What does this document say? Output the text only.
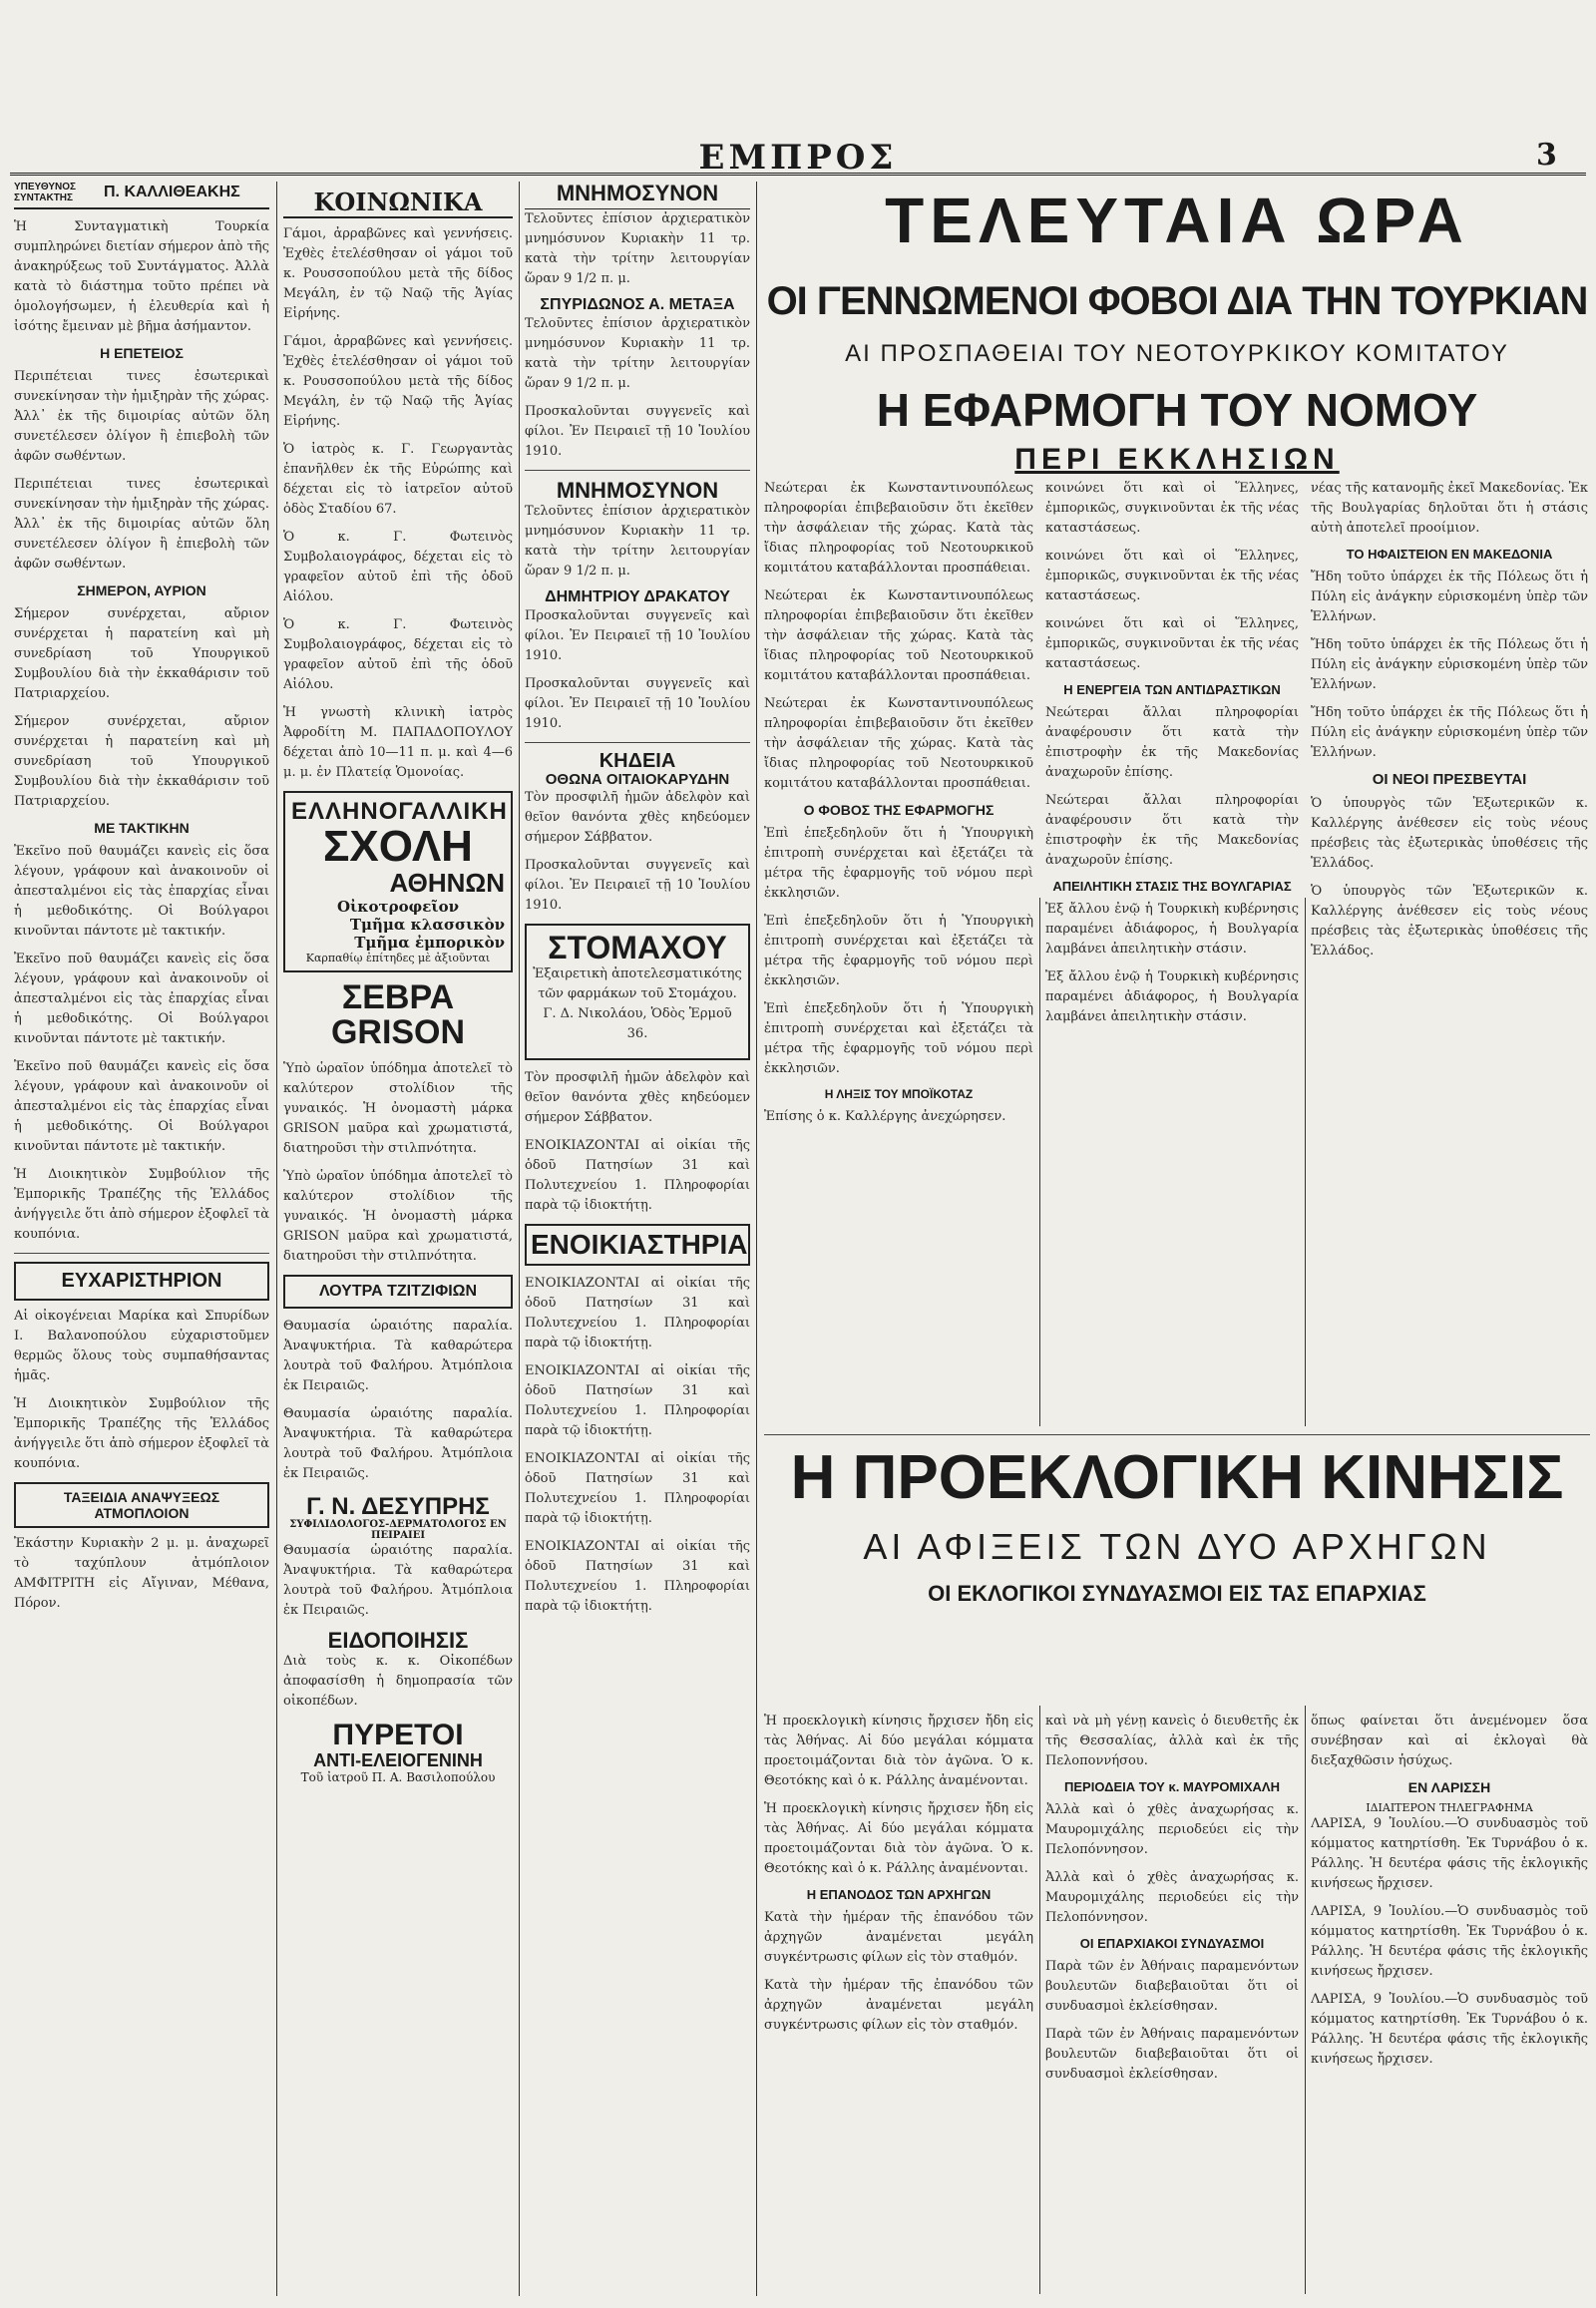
ΕΜΠΡΟΣ	3
ΥΠΕΥΘΥΝΟΣ ΣΥΝΤΑΚΤΗΣ	Π. ΚΑΛΛΙΘΕΑΚΗΣ

Ἡ Συνταγματικὴ Τουρκία συμπληρώνει διετίαν σήμερον ἀπὸ τῆς ἀνακηρύξεως τοῦ Συντάγματος. Ἀλλὰ κατὰ τὸ διάστημα τοῦτο πρέπει νὰ ὁμολογήσωμεν, ἡ ἐλευθερία καὶ ἡ ἰσότης ἔμειναν μὲ βῆμα ἀσήμαντον.

Η ΕΠΕΤΕΙΟΣ

Περιπέτειαι τινες ἐσωτερικαὶ συνεκίνησαν τὴν ἡμιξηρὰν τῆς χώρας. Ἀλλ᾽ ἐκ τῆς διμοιρίας αὐτῶν ὅλη συνετέλεσεν ὀλίγον ἢ ἐπιεβολὴ τῶν ἀφῶν σωθέντων.

Περιπέτειαι τινες ἐσωτερικαὶ συνεκίνησαν τὴν ἡμιξηρὰν τῆς χώρας. Ἀλλ᾽ ἐκ τῆς διμοιρίας αὐτῶν ὅλη συνετέλεσεν ὀλίγον ἢ ἐπιεβολὴ τῶν ἀφῶν σωθέντων.

ΣΗΜΕΡΟΝ, ΑΥΡΙΟΝ

Σήμερον συνέρχεται, αὔριον συνέρχεται ἡ παρατείνη καὶ μὴ συνεδρίαση τοῦ Υπουργικοῦ Συμβουλίου διὰ τὴν ἐκκαθάρισιν τοῦ Πατριαρχείου.

Σήμερον συνέρχεται, αὔριον συνέρχεται ἡ παρατείνη καὶ μὴ συνεδρίαση τοῦ Υπουργικοῦ Συμβουλίου διὰ τὴν ἐκκαθάρισιν τοῦ Πατριαρχείου.

ΜΕ ΤΑΚΤΙΚΗΝ

Ἐκεῖνο ποῦ θαυμάζει κανεὶς εἰς ὅσα λέγουν, γράφουν καὶ ἀνακοινοῦν οἱ ἀπεσταλμένοι εἰς τὰς ἐπαρχίας εἶναι ἡ μεθοδικότης. Οἱ Βούλγαροι κινοῦνται πάντοτε μὲ τακτικήν.

Ἐκεῖνο ποῦ θαυμάζει κανεὶς εἰς ὅσα λέγουν, γράφουν καὶ ἀνακοινοῦν οἱ ἀπεσταλμένοι εἰς τὰς ἐπαρχίας εἶναι ἡ μεθοδικότης. Οἱ Βούλγαροι κινοῦνται πάντοτε μὲ τακτικήν.

Ἐκεῖνο ποῦ θαυμάζει κανεὶς εἰς ὅσα λέγουν, γράφουν καὶ ἀνακοινοῦν οἱ ἀπεσταλμένοι εἰς τὰς ἐπαρχίας εἶναι ἡ μεθοδικότης. Οἱ Βούλγαροι κινοῦνται πάντοτε μὲ τακτικήν.

Ἡ Διοικητικὸν Συμβούλιον τῆς Ἐμπορικῆς Τραπέζης τῆς Ἑλλάδος ἀνήγγειλε ὅτι ἀπὸ σήμερον ἐξοφλεῖ τὰ κουπόνια.

ΕΥΧΑΡΙΣΤΗΡΙΟΝ

Αἱ οἰκογένειαι Μαρίκα καὶ Σπυρίδων Ι. Βαλανοπούλου εὐχαριστοῦμεν θερμῶς ὅλους τοὺς συμπαθήσαντας ἡμᾶς.

Ἡ Διοικητικὸν Συμβούλιον τῆς Ἐμπορικῆς Τραπέζης τῆς Ἑλλάδος ἀνήγγειλε ὅτι ἀπὸ σήμερον ἐξοφλεῖ τὰ κουπόνια.

ΤΑΞΕΙΔΙΑ ΑΝΑΨΥΞΕΩΣ ΑΤΜΟΠΛΟΙΟΝ

Ἐκάστην Κυριακὴν 2 μ. μ. ἀναχωρεῖ τὸ ταχύπλουν ἀτμόπλοιον ΑΜΦΙΤΡΙΤΗ εἰς Αἴγιναν, Μέθανα, Πόρον.

ΚΟΙΝΩΝΙΚΑ

Γάμοι, ἀρραβῶνες καὶ γεννήσεις. Ἐχθὲς ἐτελέσθησαν οἱ γάμοι τοῦ κ. Ρουσσοπούλου μετὰ τῆς δίδος Μεγάλη, ἐν τῷ Ναῷ τῆς Ἁγίας Εἰρήνης.

Γάμοι, ἀρραβῶνες καὶ γεννήσεις. Ἐχθὲς ἐτελέσθησαν οἱ γάμοι τοῦ κ. Ρουσσοπούλου μετὰ τῆς δίδος Μεγάλη, ἐν τῷ Ναῷ τῆς Ἁγίας Εἰρήνης.

Ὁ ἰατρὸς κ. Γ. Γεωργαντὰς ἐπανῆλθεν ἐκ τῆς Εὐρώπης καὶ δέχεται εἰς τὸ ἰατρεῖον αὐτοῦ ὁδὸς Σταδίου 67.

Ὁ κ. Γ. Φωτεινὸς Συμβολαιογράφος, δέχεται εἰς τὸ γραφεῖον αὐτοῦ ἐπὶ τῆς ὁδοῦ Αἰόλου.

Ὁ κ. Γ. Φωτεινὸς Συμβολαιογράφος, δέχεται εἰς τὸ γραφεῖον αὐτοῦ ἐπὶ τῆς ὁδοῦ Αἰόλου.

Ἡ γνωστὴ κλινικὴ ἰατρὸς Ἀφροδίτη Μ. ΠΑΠΑΔΟΠΟΥΛΟΥ δέχεται ἀπὸ 10—11 π. μ. καὶ 4—6 μ. μ. ἐν Πλατείᾳ Ὁμονοίας.

ΕΛΛΗΝΟΓΑΛΛΙΚΗ
ΣΧΟΛΗ
ΑΘΗΝΩΝ
Οἰκοτροφεῖον
Τμῆμα κλασσικὸν
Τμῆμα ἐμπορικὸν
Καρπαθίῳ ἐπίτηδες μὲ ἀξιοῦνται
ΣΕΒΡΑ GRISON

Ὑπὸ ὡραῖον ὑπόδημα ἀποτελεῖ τὸ καλύτερον στολίδιον τῆς γυναικός. Ἡ ὀνομαστὴ μάρκα GRISON μαῦρα καὶ χρωματιστά, διατηροῦσι τὴν στιλπνότητα.

Ὑπὸ ὡραῖον ὑπόδημα ἀποτελεῖ τὸ καλύτερον στολίδιον τῆς γυναικός. Ἡ ὀνομαστὴ μάρκα GRISON μαῦρα καὶ χρωματιστά, διατηροῦσι τὴν στιλπνότητα.

ΛΟΥΤΡΑ ΤΖΙΤΖΙΦΙΩΝ

Θαυμασία ὡραιότης παραλία. Ἀναψυκτήρια. Τὰ καθαρώτερα λουτρὰ τοῦ Φαλήρου. Ἀτμόπλοια ἐκ Πειραιῶς.

Θαυμασία ὡραιότης παραλία. Ἀναψυκτήρια. Τὰ καθαρώτερα λουτρὰ τοῦ Φαλήρου. Ἀτμόπλοια ἐκ Πειραιῶς.

Γ. Ν. ΔΕΣΥΠΡΗΣ
ΣΥΦΙΛΙΔΟΛΟΓΟΣ-ΔΕΡΜΑΤΟΛΟΓΟΣ ΕΝ ΠΕΙΡΑΙΕΙ

Θαυμασία ὡραιότης παραλία. Ἀναψυκτήρια. Τὰ καθαρώτερα λουτρὰ τοῦ Φαλήρου. Ἀτμόπλοια ἐκ Πειραιῶς.

ΕΙΔΟΠΟΙΗΣΙΣ

Διὰ τοὺς κ. κ. Οἰκοπέδων ἀποφασίσθη ἡ δημοπρασία τῶν οἰκοπέδων.

ΠΥΡΕΤΟΙ
ΑΝΤΙ-ΕΛΕΙΟΓΕΝΙΝΗ
Τοῦ ἰατροῦ Π. Α. Βασιλοπούλου
ΜΝΗΜΟΣΥΝΟΝ

Τελοῦντες ἐπίσιον ἀρχιερατικὸν μνημόσυνον Κυριακὴν 11 τρ. κατὰ τὴν τρίτην λειτουργίαν ὥραν 9 1/2 π. μ.

ΣΠΥΡΙΔΩΝΟΣ Α. ΜΕΤΑΞΑ

Τελοῦντες ἐπίσιον ἀρχιερατικὸν μνημόσυνον Κυριακὴν 11 τρ. κατὰ τὴν τρίτην λειτουργίαν ὥραν 9 1/2 π. μ.

Προσκαλοῦνται συγγενεῖς καὶ φίλοι. Ἐν Πειραιεῖ τῇ 10 Ἰουλίου 1910.

ΜΝΗΜΟΣΥΝΟΝ

Τελοῦντες ἐπίσιον ἀρχιερατικὸν μνημόσυνον Κυριακὴν 11 τρ. κατὰ τὴν τρίτην λειτουργίαν ὥραν 9 1/2 π. μ.

ΔΗΜΗΤΡΙΟΥ ΔΡΑΚΑΤΟΥ

Προσκαλοῦνται συγγενεῖς καὶ φίλοι. Ἐν Πειραιεῖ τῇ 10 Ἰουλίου 1910.

Προσκαλοῦνται συγγενεῖς καὶ φίλοι. Ἐν Πειραιεῖ τῇ 10 Ἰουλίου 1910.

ΚΗΔΕΙΑ
ΟΘΩΝΑ ΟΙΤΑΙΟΚΑΡΥΔΗΝ

Τὸν προσφιλῆ ἡμῶν ἀδελφὸν καὶ θεῖον θανόντα χθὲς κηδεύομεν σήμερον Σάββατον.

Προσκαλοῦνται συγγενεῖς καὶ φίλοι. Ἐν Πειραιεῖ τῇ 10 Ἰουλίου 1910.

ΣΤΟΜΑΧΟΥ

Ἐξαιρετικὴ ἀποτελεσματικότης τῶν φαρμάκων τοῦ Στομάχου. Γ. Δ. Νικολάου, Ὁδὸς Ἑρμοῦ 36.

Τὸν προσφιλῆ ἡμῶν ἀδελφὸν καὶ θεῖον θανόντα χθὲς κηδεύομεν σήμερον Σάββατον.

ΕΝΟΙΚΙΑΖΟΝΤΑΙ αἱ οἰκίαι τῆς ὁδοῦ Πατησίων 31 καὶ Πολυτεχνείου 1. Πληροφορίαι παρὰ τῷ ἰδιοκτήτῃ.

ΕΝΟΙΚΙΑΣΤΗΡΙΑ

ΕΝΟΙΚΙΑΖΟΝΤΑΙ αἱ οἰκίαι τῆς ὁδοῦ Πατησίων 31 καὶ Πολυτεχνείου 1. Πληροφορίαι παρὰ τῷ ἰδιοκτήτῃ.

ΕΝΟΙΚΙΑΖΟΝΤΑΙ αἱ οἰκίαι τῆς ὁδοῦ Πατησίων 31 καὶ Πολυτεχνείου 1. Πληροφορίαι παρὰ τῷ ἰδιοκτήτῃ.

ΕΝΟΙΚΙΑΖΟΝΤΑΙ αἱ οἰκίαι τῆς ὁδοῦ Πατησίων 31 καὶ Πολυτεχνείου 1. Πληροφορίαι παρὰ τῷ ἰδιοκτήτῃ.

ΕΝΟΙΚΙΑΖΟΝΤΑΙ αἱ οἰκίαι τῆς ὁδοῦ Πατησίων 31 καὶ Πολυτεχνείου 1. Πληροφορίαι παρὰ τῷ ἰδιοκτήτῃ.

ΤΕΛΕΥΤΑΙΑ ΩΡΑ
ΟΙ ΓΕΝΝΩΜΕΝΟΙ ΦΟΒΟΙ ΔΙΑ ΤΗΝ ΤΟΥΡΚΙΑΝ
ΑΙ ΠΡΟΣΠΑΘΕΙΑΙ ΤΟΥ ΝΕΟΤΟΥΡΚΙΚΟΥ ΚΟΜΙΤΑΤΟΥ
Η ΕΦΑΡΜΟΓΗ ΤΟΥ ΝΟΜΟΥ
ΠΕΡΙ ΕΚΚΛΗΣΙΩΝ

Νεώτεραι ἐκ Κωνσταντινουπόλεως πληροφορίαι ἐπιβεβαιοῦσιν ὅτι ἐκεῖθεν τὴν ἀσφάλειαν τῆς χώρας. Κατὰ τὰς ἴδιας πληροφορίας τοῦ Νεοτουρκικοῦ κομιτάτου καταβάλλονται προσπάθειαι.

Νεώτεραι ἐκ Κωνσταντινουπόλεως πληροφορίαι ἐπιβεβαιοῦσιν ὅτι ἐκεῖθεν τὴν ἀσφάλειαν τῆς χώρας. Κατὰ τὰς ἴδιας πληροφορίας τοῦ Νεοτουρκικοῦ κομιτάτου καταβάλλονται προσπάθειαι.

Νεώτεραι ἐκ Κωνσταντινουπόλεως πληροφορίαι ἐπιβεβαιοῦσιν ὅτι ἐκεῖθεν τὴν ἀσφάλειαν τῆς χώρας. Κατὰ τὰς ἴδιας πληροφορίας τοῦ Νεοτουρκικοῦ κομιτάτου καταβάλλονται προσπάθειαι.

Ο ΦΟΒΟΣ ΤΗΣ ΕΦΑΡΜΟΓΗΣ

Ἐπὶ ἑπεξεδηλοῦν ὅτι ἡ Ὑπουργικὴ ἐπιτροπὴ συνέρχεται καὶ ἐξετάζει τὰ μέτρα τῆς ἐφαρμογῆς τοῦ νόμου περὶ ἐκκλησιῶν.

Ἐπὶ ἑπεξεδηλοῦν ὅτι ἡ Ὑπουργικὴ ἐπιτροπὴ συνέρχεται καὶ ἐξετάζει τὰ μέτρα τῆς ἐφαρμογῆς τοῦ νόμου περὶ ἐκκλησιῶν.

Ἐπὶ ἑπεξεδηλοῦν ὅτι ἡ Ὑπουργικὴ ἐπιτροπὴ συνέρχεται καὶ ἐξετάζει τὰ μέτρα τῆς ἐφαρμογῆς τοῦ νόμου περὶ ἐκκλησιῶν.

Η ΛΗΞΙΣ ΤΟΥ ΜΠΟΪΚΟΤΑΖ

Ἐπίσης ὁ κ. Καλλέργης ἀνεχώρησεν.

κοινώνει ὅτι καὶ οἱ Ἕλληνες, ἐμπορικῶς, συγκινοῦνται ἐκ τῆς νέας καταστάσεως.

κοινώνει ὅτι καὶ οἱ Ἕλληνες, ἐμπορικῶς, συγκινοῦνται ἐκ τῆς νέας καταστάσεως.

κοινώνει ὅτι καὶ οἱ Ἕλληνες, ἐμπορικῶς, συγκινοῦνται ἐκ τῆς νέας καταστάσεως.

Η ΕΝΕΡΓΕΙΑ ΤΩΝ ΑΝΤΙΔΡΑΣΤΙΚΩΝ

Νεώτεραι ἄλλαι πληροφορίαι ἀναφέρουσιν ὅτι κατὰ τὴν ἐπιστροφὴν ἐκ τῆς Μακεδονίας ἀναχωροῦν ἐπίσης.

Νεώτεραι ἄλλαι πληροφορίαι ἀναφέρουσιν ὅτι κατὰ τὴν ἐπιστροφὴν ἐκ τῆς Μακεδονίας ἀναχωροῦν ἐπίσης.

ΑΠΕΙΛΗΤΙΚΗ ΣΤΑΣΙΣ ΤΗΣ ΒΟΥΛΓΑΡΙΑΣ

Ἐξ ἄλλου ἐνῷ ἡ Τουρκικὴ κυβέρνησις παραμένει ἀδιάφορος, ἡ Βουλγαρία λαμβάνει ἀπειλητικὴν στάσιν.

Ἐξ ἄλλου ἐνῷ ἡ Τουρκικὴ κυβέρνησις παραμένει ἀδιάφορος, ἡ Βουλγαρία λαμβάνει ἀπειλητικὴν στάσιν.

νέας τῆς κατανομῆς ἐκεῖ Μακεδονίας. Ἐκ τῆς Βουλγαρίας δηλοῦται ὅτι ἡ στάσις αὐτὴ ἀποτελεῖ προοίμιον.

ΤΟ ΗΦΑΙΣΤΕΙΟΝ ΕΝ ΜΑΚΕΔΟΝΙΑ

Ἤδη τοῦτο ὑπάρχει ἐκ τῆς Πόλεως ὅτι ἡ Πύλη εἰς ἀνάγκην εὑρισκομένη ὑπὲρ τῶν Ἑλλήνων.

Ἤδη τοῦτο ὑπάρχει ἐκ τῆς Πόλεως ὅτι ἡ Πύλη εἰς ἀνάγκην εὑρισκομένη ὑπὲρ τῶν Ἑλλήνων.

Ἤδη τοῦτο ὑπάρχει ἐκ τῆς Πόλεως ὅτι ἡ Πύλη εἰς ἀνάγκην εὑρισκομένη ὑπὲρ τῶν Ἑλλήνων.

ΟΙ ΝΕΟΙ ΠΡΕΣΒΕΥΤΑΙ

Ὁ ὑπουργὸς τῶν Ἐξωτερικῶν κ. Καλλέργης ἀνέθεσεν εἰς τοὺς νέους πρέσβεις τὰς ἐξωτερικὰς ὑποθέσεις τῆς Ἑλλάδος.

Ὁ ὑπουργὸς τῶν Ἐξωτερικῶν κ. Καλλέργης ἀνέθεσεν εἰς τοὺς νέους πρέσβεις τὰς ἐξωτερικὰς ὑποθέσεις τῆς Ἑλλάδος.

Η ΠΡΟΕΚΛΟΓΙΚΗ ΚΙΝΗΣΙΣ
ΑΙ ΑΦΙΞΕΙΣ ΤΩΝ ΔΥΟ ΑΡΧΗΓΩΝ
ΟΙ ΕΚΛΟΓΙΚΟΙ ΣΥΝΔΥΑΣΜΟΙ ΕΙΣ ΤΑΣ ΕΠΑΡΧΙΑΣ

Ἡ προεκλογικὴ κίνησις ἤρχισεν ἤδη εἰς τὰς Ἀθήνας. Αἱ δύο μεγάλαι κόμματα προετοιμάζονται διὰ τὸν ἀγῶνα. Ὁ κ. Θεοτόκης καὶ ὁ κ. Ράλλης ἀναμένονται.

Ἡ προεκλογικὴ κίνησις ἤρχισεν ἤδη εἰς τὰς Ἀθήνας. Αἱ δύο μεγάλαι κόμματα προετοιμάζονται διὰ τὸν ἀγῶνα. Ὁ κ. Θεοτόκης καὶ ὁ κ. Ράλλης ἀναμένονται.

Η ΕΠΑΝΟΔΟΣ ΤΩΝ ΑΡΧΗΓΩΝ

Κατὰ τὴν ἡμέραν τῆς ἐπανόδου τῶν ἀρχηγῶν ἀναμένεται μεγάλη συγκέντρωσις φίλων εἰς τὸν σταθμόν.

Κατὰ τὴν ἡμέραν τῆς ἐπανόδου τῶν ἀρχηγῶν ἀναμένεται μεγάλη συγκέντρωσις φίλων εἰς τὸν σταθμόν.

καὶ νὰ μὴ γένῃ κανεὶς ὁ διευθετῆς ἐκ τῆς Θεσσαλίας, ἀλλὰ καὶ ἐκ τῆς Πελοποννήσου.

ΠΕΡΙΟΔΕΙΑ ΤΟΥ κ. ΜΑΥΡΟΜΙΧΑΛΗ

Ἀλλὰ καὶ ὁ χθὲς ἀναχωρήσας κ. Μαυρομιχάλης περιοδεύει εἰς τὴν Πελοπόννησον.

Ἀλλὰ καὶ ὁ χθὲς ἀναχωρήσας κ. Μαυρομιχάλης περιοδεύει εἰς τὴν Πελοπόννησον.

ΟΙ ΕΠΑΡΧΙΑΚΟΙ ΣΥΝΔΥΑΣΜΟΙ

Παρὰ τῶν ἐν Ἀθήναις παραμενόντων βουλευτῶν διαβεβαιοῦται ὅτι οἱ συνδυασμοὶ ἐκλείσθησαν.

Παρὰ τῶν ἐν Ἀθήναις παραμενόντων βουλευτῶν διαβεβαιοῦται ὅτι οἱ συνδυασμοὶ ἐκλείσθησαν.

ὅπως φαίνεται ὅτι ἀνεμένομεν ὅσα συνέβησαν καὶ αἱ ἐκλογαὶ θὰ διεξαχθῶσιν ἡσύχως.

ΕΝ ΛΑΡΙΣΣΗ
ΙΔΙΑΙΤΕΡΟΝ ΤΗΛΕΓΡΑΦΗΜΑ

ΛΑΡΙΣΑ, 9 Ἰουλίου.—Ὁ συνδυασμὸς τοῦ κόμματος κατηρτίσθη. Ἐκ Τυρνάβου ὁ κ. Ράλλης. Ἡ δευτέρα φάσις τῆς ἐκλογικῆς κινήσεως ἤρχισεν.

ΛΑΡΙΣΑ, 9 Ἰουλίου.—Ὁ συνδυασμὸς τοῦ κόμματος κατηρτίσθη. Ἐκ Τυρνάβου ὁ κ. Ράλλης. Ἡ δευτέρα φάσις τῆς ἐκλογικῆς κινήσεως ἤρχισεν.

ΛΑΡΙΣΑ, 9 Ἰουλίου.—Ὁ συνδυασμὸς τοῦ κόμματος κατηρτίσθη. Ἐκ Τυρνάβου ὁ κ. Ράλλης. Ἡ δευτέρα φάσις τῆς ἐκλογικῆς κινήσεως ἤρχισεν.
